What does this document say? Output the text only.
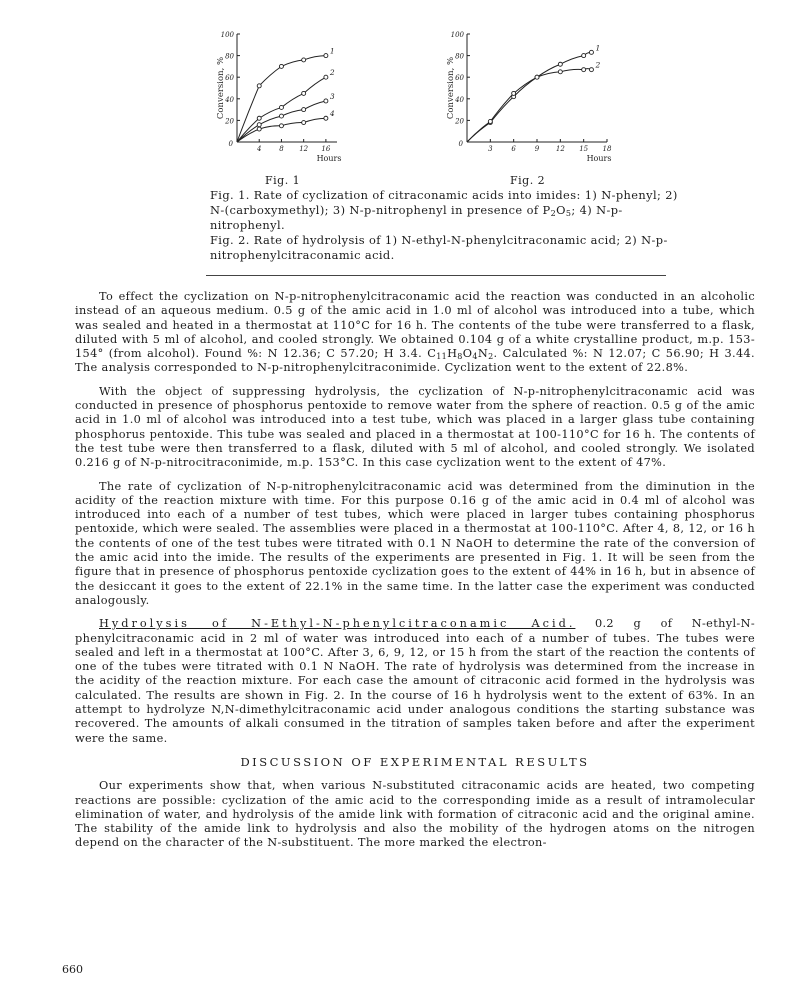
20
40
60
80
100
0
4	8 12 16
Hours
Conversion, %
1
2
3
4
Fig. 1
20
40
60
80
100
0
3	6	9 12 15 18
Hours
Conversion, %
1
2
Fig. 2

Fig. 1. Rate of cyclization of citraconamic acids into imides: 1) N-phenyl; 2) N-(carboxymethyl); 3) N-p-nitrophenyl in presence of $P_2O_5$; 4) N-p-nitrophenyl.

Fig. 2. Rate of hydrolysis of 1) N-ethyl-N-phenylcitraconamic acid; 2) N-p-nitrophenylcitraconamic acid.

To effect the cyclization on N-p-nitrophenylcitraconamic acid the reaction was conducted in an alcoholic instead of an aqueous medium. 0.5 g of the amic acid in 1.0 ml of alcohol was introduced into a tube, which was sealed and heated in a thermostat at 110°C for 16 h. The contents of the tube were transferred to a flask, diluted with 5 ml of alcohol, and cooled strongly. We obtained 0.104 g of a white crystalline product, m.p. 153-154° (from alcohol). Found %: N 12.36; C 57.20; H 3.4. $C_{11}H_8O_4N_2$. Calculated %: N 12.07; C 56.90; H 3.44. The analysis corresponded to N-p-nitrophenylcitraconimide. Cyclization went to the extent of 22.8%.

With the object of suppressing hydrolysis, the cyclization of N-p-nitrophenylcitraconamic acid was conducted in presence of phosphorus pentoxide to remove water from the sphere of reaction. 0.5 g of the amic acid in 1.0 ml of alcohol was introduced into a test tube, which was placed in a larger glass tube containing phosphorus pentoxide. This tube was sealed and placed in a thermostat at 100-110°C for 16 h. The contents of the test tube were then transferred to a flask, diluted with 5 ml of alcohol, and cooled strongly. We isolated 0.216 g of N-p-nitrocitraconimide, m.p. 153°C. In this case cyclization went to the extent of 47%.

The rate of cyclization of N-p-nitrophenylcitraconamic acid was determined from the diminution in the acidity of the reaction mixture with time. For this purpose 0.16 g of the amic acid in 0.4 ml of alcohol was introduced into each of a number of test tubes, which were placed in larger tubes containing phosphorus pentoxide, which were sealed. The assemblies were placed in a thermostat at 100-110°C. After 4, 8, 12, or 16 h the contents of one of the test tubes were titrated with 0.1 N NaOH to determine the rate of the conversion of the amic acid into the imide. The results of the experiments are presented in Fig. 1. It will be seen from the figure that in presence of phosphorus pentoxide cyclization goes to the extent of 44% in 16 h, but in absence of the desiccant it goes to the extent of 22.1% in the same time. In the latter case the experiment was conducted analogously.

Hydrolysis of N-Ethyl-N-phenylcitraconamic Acid. 0.2 g of N-ethyl-N-phenylcitraconamic acid in 2 ml of water was introduced into each of a number of tubes. The tubes were sealed and left in a thermostat at 100°C. After 3, 6, 9, 12, or 15 h from the start of the reaction the contents of one of the tubes were titrated with 0.1 N NaOH. The rate of hydrolysis was determined from the increase in the acidity of the reaction mixture. For each case the amount of citraconic acid formed in the hydrolysis was calculated. The results are shown in Fig. 2. In the course of 16 h hydrolysis went to the extent of 63%. In an attempt to hydrolyze N,N-dimethylcitraconamic acid under analogous conditions the starting substance was recovered. The amounts of alkali consumed in the titration of samples taken before and after the experiment were the same.

DISCUSSION OF EXPERIMENTAL RESULTS

Our experiments show that, when various N-substituted citraconamic acids are heated, two competing reactions are possible: cyclization of the amic acid to the corresponding imide as a result of intramolecular elimination of water, and hydrolysis of the amide link with formation of citraconic acid and the original amine. The stability of the amide link to hydrolysis and also the mobility of the hydrogen atoms on the nitrogen depend on the character of the N-substituent. The more marked the electron-

660
